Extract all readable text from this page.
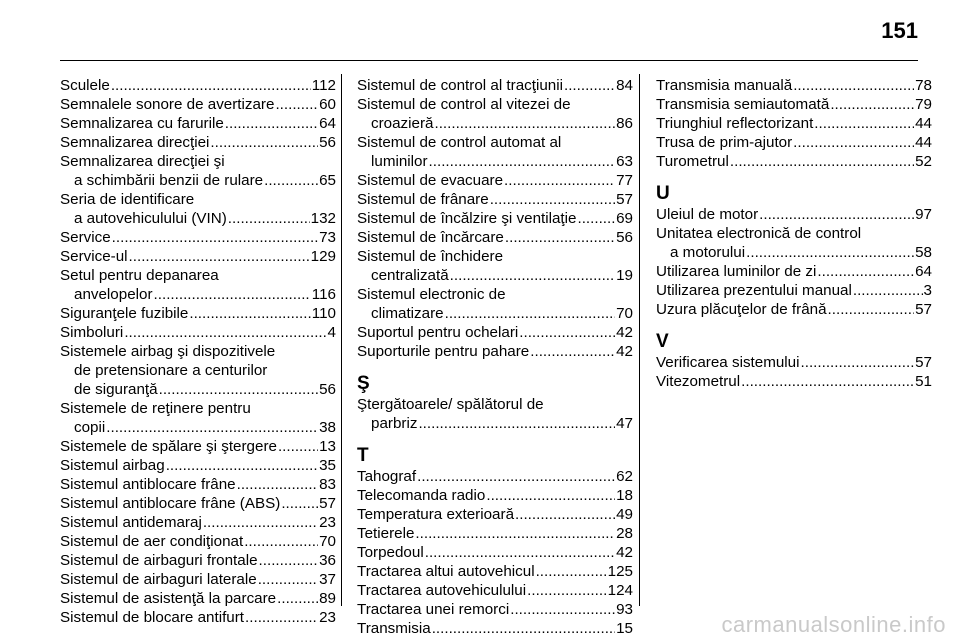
151
Sculele .....	112
Semnalele sonore de avertizare .....	60
Semnalizarea cu farurile .....	64
Semnalizarea direcţiei .....	56
Semnalizarea direcţiei şi
a schimbării benzii de rulare .....	65
Seria de identificare
a autovehiculului (VIN) .....	132
Service .....	73
Service-ul .....	129
Setul pentru depanarea
anvelopelor .....	116
Siguranţele fuzibile .....	110
Simboluri .....	4
Sistemele airbag şi dispozitivele
de pretensionare a centurilor
de siguranţă .....	56
Sistemele de reţinere pentru
copii .....	38
Sistemele de spălare şi ştergere .....	13
Sistemul airbag .....	35
Sistemul antiblocare frâne .....	83
Sistemul antiblocare frâne (ABS) .....	57
Sistemul antidemaraj .....	23
Sistemul de aer condiţionat .....	70
Sistemul de airbaguri frontale .....	36
Sistemul de airbaguri laterale .....	37
Sistemul de asistenţă la parcare .....	89
Sistemul de blocare antifurt .....	23
Sistemul de control al tracţiunii .....	84
Sistemul de control al vitezei de
croazieră .....	86
Sistemul de control automat al
luminilor .....	63
Sistemul de evacuare .....	77
Sistemul de frânare .....	57
Sistemul de încălzire şi ventilaţie .....	69
Sistemul de încărcare .....	56
Sistemul de închidere
centralizată .....	19
Sistemul electronic de
climatizare .....	70
Suportul pentru ochelari .....	42
Suporturile pentru pahare .....	42
Ş
Ştergătoarele/ spălătorul de
parbriz .....	47
T
Tahograf .....	62
Telecomanda radio .....	18
Temperatura exterioară .....	49
Tetierele .....	28
Torpedoul .....	42
Tractarea altui autovehicul .....	125
Tractarea autovehiculului .....	124
Tractarea unei remorci .....	93
Transmisia .....	15
Transmisia manuală .....	78
Transmisia semiautomată .....	79
Triunghiul reflectorizant .....	44
Trusa de prim-ajutor .....	44
Turometrul .....	52
U
Uleiul de motor .....	97
Unitatea electronică de control
a motorului .....	58
Utilizarea luminilor de zi .....	64
Utilizarea prezentului manual .....	3
Uzura plăcuţelor de frână .....	57
V
Verificarea sistemului .....	57
Vitezometrul .....	51
carmanualsonline.info
